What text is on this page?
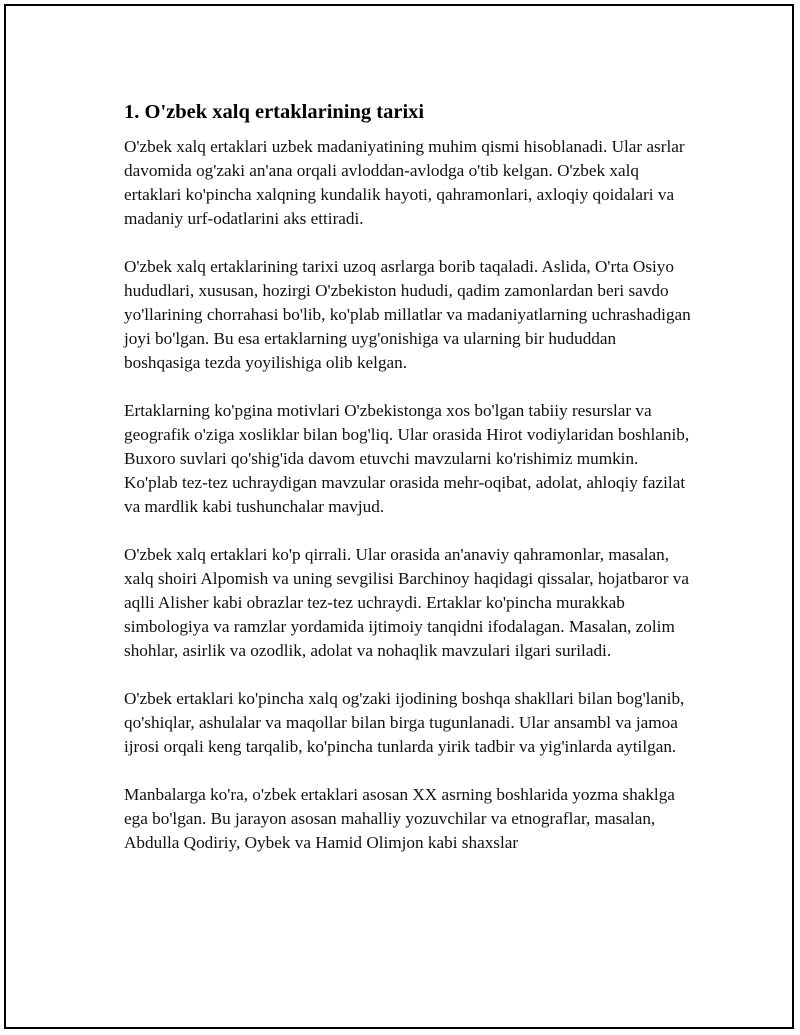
1. O'zbek xalq ertaklarining tarixi

O'zbek xalq ertaklari uzbek madaniyatining muhim qismi hisoblanadi. Ular asrlar davomida og'zaki an'ana orqali avloddan-avlodga o'tib kelgan. O'zbek xalq ertaklari ko'pincha xalqning kundalik hayoti, qahramonlari, axloqiy qoidalari va madaniy urf-odatlarini aks ettiradi.

O'zbek xalq ertaklarining tarixi uzoq asrlarga borib taqaladi. Aslida, O'rta Osiyo hududlari, xususan, hozirgi O'zbekiston hududi, qadim zamonlardan beri savdo yo'llarining chorrahasi bo'lib, ko'plab millatlar va madaniyatlarning uchrashadigan joyi bo'lgan. Bu esa ertaklarning uyg'onishiga va ularning bir hududdan boshqasiga tezda yoyilishiga olib kelgan.

Ertaklarning ko'pgina motivlari O'zbekistonga xos bo'lgan tabiiy resurslar va geografik o'ziga xosliklar bilan bog'liq. Ular orasida Hirot vodiylaridan boshlanib, Buxoro suvlari qo'shig'ida davom etuvchi mavzularni ko'rishimiz mumkin. Ko'plab tez-tez uchraydigan mavzular orasida mehr-oqibat, adolat, ahloqiy fazilat va mardlik kabi tushunchalar mavjud.

O'zbek xalq ertaklari ko'p qirrali. Ular orasida an'anaviy qahramonlar, masalan, xalq shoiri Alpomish va uning sevgilisi Barchinoy haqidagi qissalar, hojatbaror va aqlli Alisher kabi obrazlar tez-tez uchraydi. Ertaklar ko'pincha murakkab simbologiya va ramzlar yordamida ijtimoiy tanqidni ifodalagan. Masalan, zolim shohlar, asirlik va ozodlik, adolat va nohaqlik mavzulari ilgari suriladi.

O'zbek ertaklari ko'pincha xalq og'zaki ijodining boshqa shakllari bilan bog'lanib, qo'shiqlar, ashulalar va maqollar bilan birga tugunlanadi. Ular ansambl va jamoa ijrosi orqali keng tarqalib, ko'pincha tunlarda yirik tadbir va yig'inlarda aytilgan.

Manbalarga ko'ra, o'zbek ertaklari asosan XX asrning boshlarida yozma shaklga ega bo'lgan. Bu jarayon asosan mahalliy yozuvchilar va etnograflar, masalan, Abdulla Qodiriy, Oybek va Hamid Olimjon kabi shaxslar
